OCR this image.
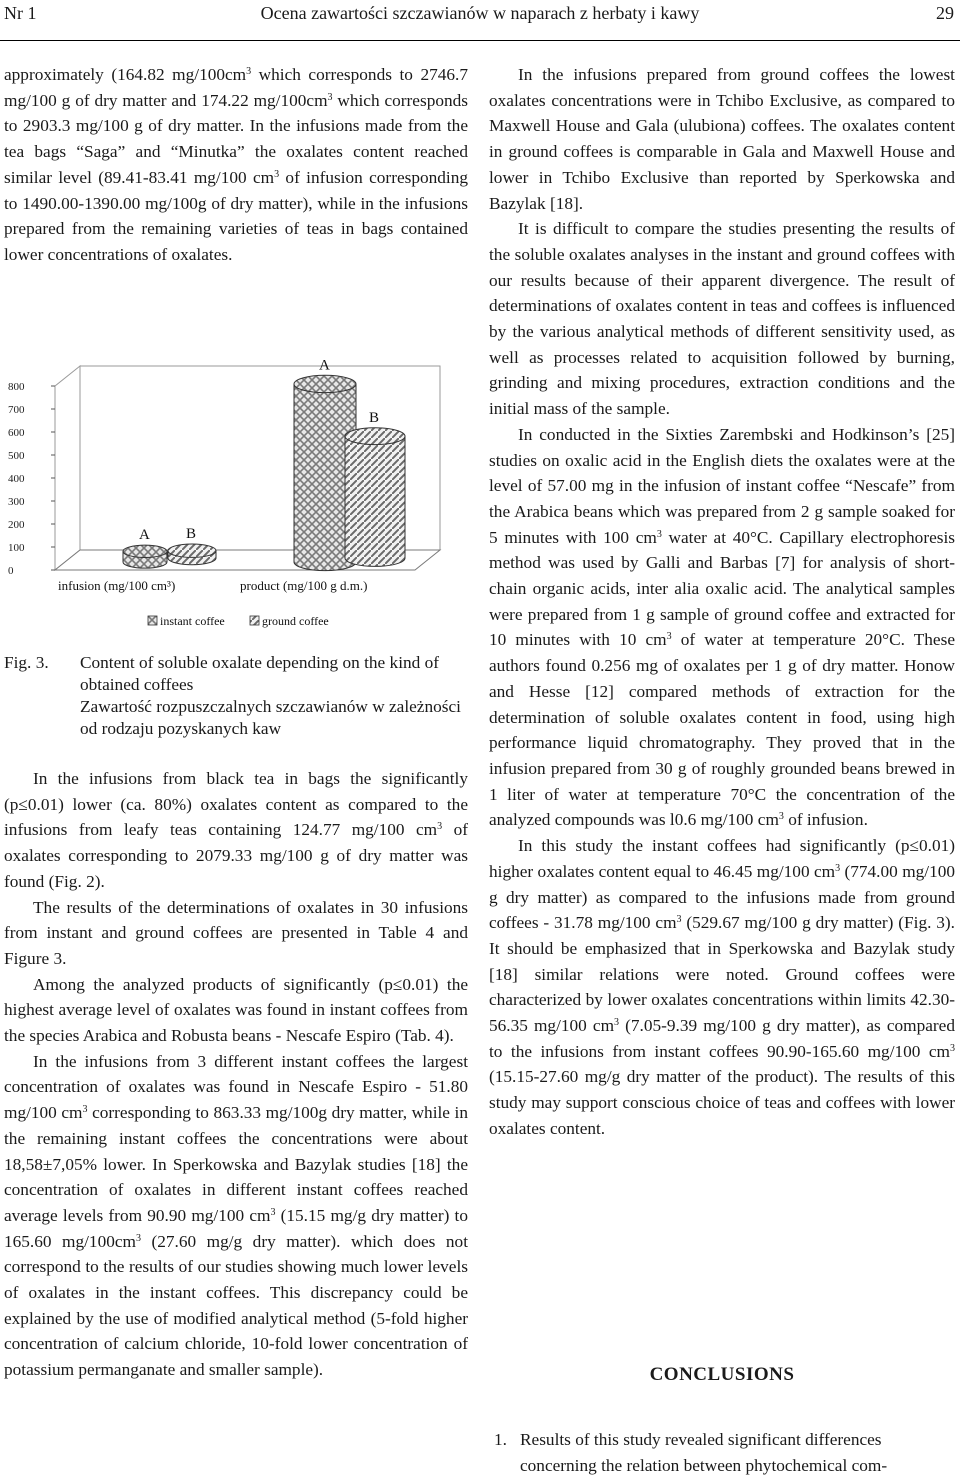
Nr 1	Ocena zawartości szczawianów w naparach z herbaty i kawy	29

approximately (164.82 $mg/100cm^3$ which corresponds to 2746.7 mg/100 g of dry matter and 174.22 $mg/100cm^3$ which corresponds to 2903.3 mg/100 g of dry matter. In the infusions made from the tea bags “Saga” and “Minutka” the oxalates content reached similar level (89.41-83.41 mg/100 $cm^3$ of infusion corresponding to 1490.00-1390.00 mg/100g of dry matter), while in the infusions prepared from the remaining varieties of teas in bags contained lower concentrations of oxalates.

0
100
200
300
400
500
600
700
800
A B
A
B
infusion (mg/100 cm³)	product (mg/100 g d.m.)
instant coffee	ground coffee
Fig. 3. Content of soluble oxalate depending on the kind of obtained coffees
Zawartość rozpuszczalnych szczawianów w zależności od rodzaju pozyskanych kaw

In the infusions from black tea in bags the significantly (p≤0.01) lower (ca. 80%) oxalates content as compared to the infusions from leafy teas containing 124.77 mg/100 $cm^3$ of oxalates corresponding to 2079.33 mg/100 g of dry matter was found (Fig. 2).

The results of the determinations of oxalates in 30 infusions from instant and ground coffees are presented in Table 4 and Figure 3.

Among the analyzed products of significantly (p≤0.01) the highest average level of oxalates was found in instant coffees from the species Arabica and Robusta beans - Nescafe Espiro (Tab. 4).

In the infusions from 3 different instant coffees the largest concentration of oxalates was found in Nescafe Espiro - 51.80 mg/100 $cm^3$ corresponding to 863.33 mg/100g dry matter, while in the remaining instant coffees the concentrations were about 18,58±7,05% lower. In Sperkowska and Bazylak studies [18] the concentration of oxalates in different instant coffees reached average levels from 90.90 mg/100 $cm^3$ (15.15 mg/g dry matter) to 165.60 $mg/100cm^3$ (27.60 mg/g dry matter). which does not correspond to the results of our studies showing much lower levels of oxalates in the instant coffees. This discrepancy could be explained by the use of modified analytical method (5-fold higher concentration of calcium chloride, 10-fold lower concentration of potassium permanganate and smaller sample).

In the infusions prepared from ground coffees the lowest oxalates concentrations were in Tchibo Exclusive, as compared to Maxwell House and Gala (ulubiona) coffees. The oxalates content in ground coffees is comparable in Gala and Maxwell House and lower in Tchibo Exclusive than reported by Sperkowska and Bazylak [18].

It is difficult to compare the studies presenting the results of the soluble oxalates analyses in the instant and ground coffees with our results because of their apparent divergence. The result of determinations of oxalates content in teas and coffees is influenced by the various analytical methods of different sensitivity used, as well as processes related to acquisition followed by burning, grinding and mixing procedures, extraction conditions and the initial mass of the sample.

In conducted in the Sixties Zarembski and Hodkinson’s [25] studies on oxalic acid in the English diets the oxalates were at the level of 57.00 mg in the infusion of instant coffee “Nescafe” from the Arabica beans which was prepared from 2 g sample soaked for 5 minutes with 100 $cm^3$ water at 40°C. Capillary electrophoresis method was used by Galli and Barbas [7] for analysis of short-chain organic acids, inter alia oxalic acid. The analytical samples were prepared from 1 g sample of ground coffee and extracted for 10 minutes with 10 $cm^3$ of water at temperature 20°C. These authors found 0.256 mg of oxalates per 1 g of dry matter. Honow and Hesse [12] compared methods of extraction for the determination of soluble oxalates content in food, using high performance liquid chromatography. They proved that in the infusion prepared from 30 g of roughly grounded beans brewed in 1 liter of water at temperature 70°C the concentration of the analyzed compounds was l0.6 mg/100 $cm^3$ of infusion.

In this study the instant coffees had significantly (p≤0.01) higher oxalates content equal to 46.45 mg/100 $cm^3$ (774.00 mg/100 g dry matter) as compared to the infusions made from ground coffees - 31.78 mg/100 $cm^3$ (529.67 mg/100 g dry matter) (Fig. 3). It should be emphasized that in Sperkowska and Bazylak study [18] similar relations were noted. Ground coffees were characterized by lower oxalates concentrations within limits 42.30-56.35 mg/100 $cm^3$ (7.05-9.39 mg/100 g dry matter), as compared to the infusions from instant coffees 90.90-165.60 mg/100 $cm^3$ (15.15-27.60 mg/g dry matter of the product). The results of this study may support conscious choice of teas and coffees with lower oxalates content.

CONCLUSIONS
1. Results of this study revealed significant differences concerning the relation between phytochemical com-
